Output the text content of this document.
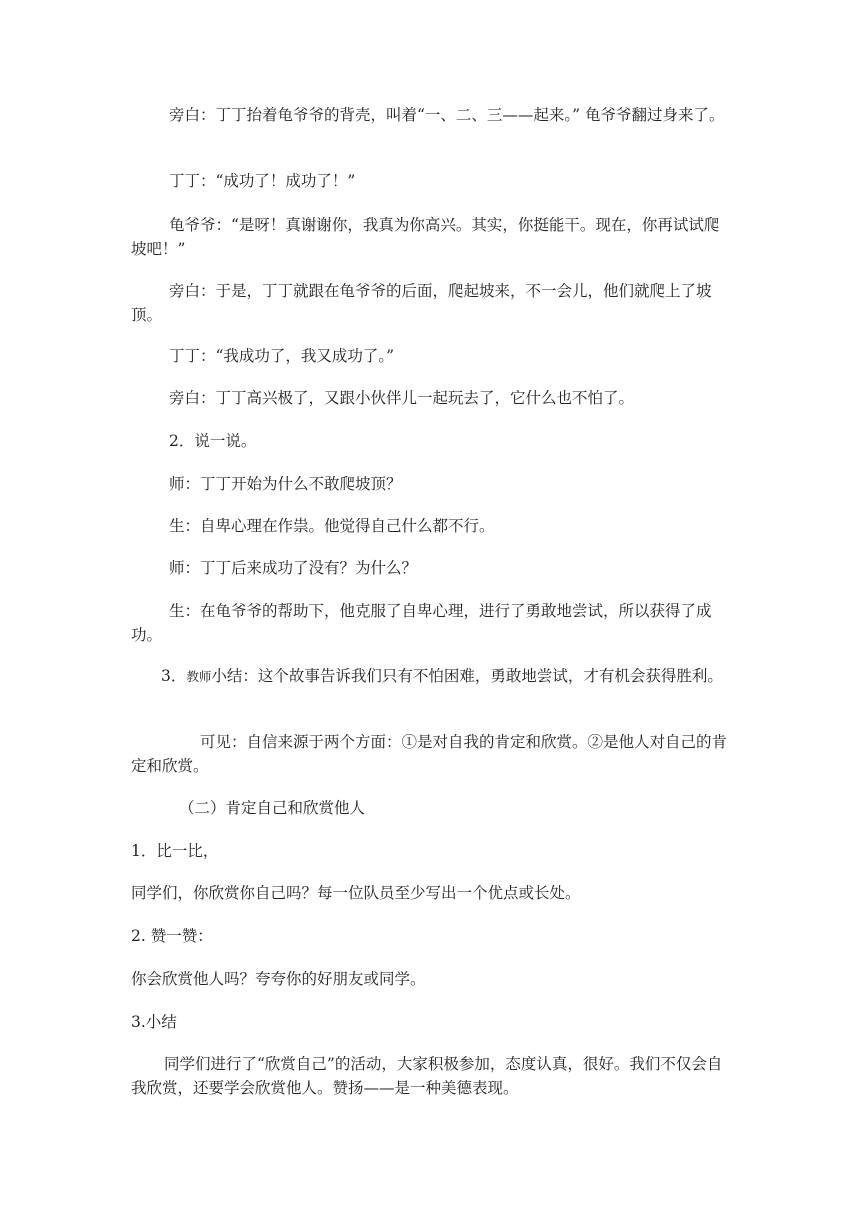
旁白：丁丁抬着龟爷爷的背壳，叫着“一、二、三——起来。” 龟爷爷翻过身来了。

丁丁：“成功了！成功了！”

龟爷爷：“是呀！真谢谢你，我真为你高兴。其实，你挺能干。现在，你再试试爬坡吧！”

旁白：于是，丁丁就跟在龟爷爷的后面，爬起坡来，不一会儿，他们就爬上了坡顶。

丁丁：“我成功了，我又成功了。”

旁白：丁丁高兴极了，又跟小伙伴儿一起玩去了，它什么也不怕了。

2．说一说。

师：丁丁开始为什么不敢爬坡顶？

生：自卑心理在作祟。他觉得自己什么都不行。

师：丁丁后来成功了没有？为什么？

生：在龟爷爷的帮助下，他克服了自卑心理，进行了勇敢地尝试，所以获得了成功。

3．教师小结：这个故事告诉我们只有不怕困难，勇敢地尝试，才有机会获得胜利。

可见：自信来源于两个方面：①是对自我的肯定和欣赏。②是他人对自己的肯定和欣赏。

（二）肯定自己和欣赏他人

1．比一比，

同学们，你欣赏你自己吗？每一位队员至少写出一个优点或长处。

2. 赞一赞：

你会欣赏他人吗？夸夸你的好朋友或同学。

3.小结

同学们进行了“欣赏自己”的活动，大家积极参加，态度认真，很好。我们不仅会自我欣赏，还要学会欣赏他人。赞扬——是一种美德表现。
